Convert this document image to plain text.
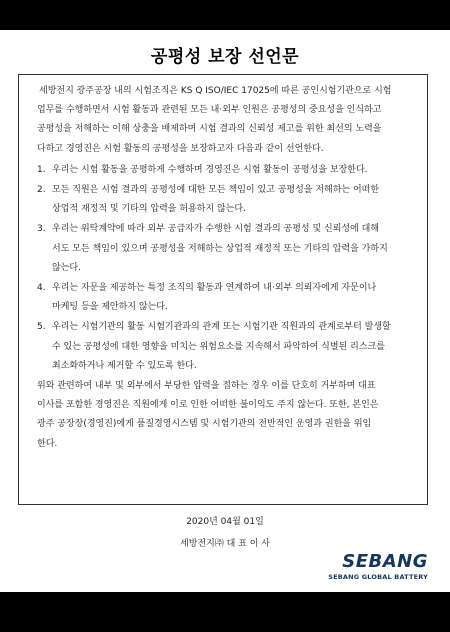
공평성 보장 선언문

세방전지 광주공장 내의 시험조직은 KS Q ISO/IEC 17025에 따른 공인시험기관으로 시험
업무를 수행하면서 시험 활동과 관련된 모든 내·외부 인원은 공평성의 중요성을 인식하고
공평성을 저해하는 이해 상충을 배제하며 시험 결과의 신뢰성 제고를 위한 최선의 노력을
다하고 경영진은 시험 활동의 공평성을 보장하고자 다음과 같이 선언한다.

1. 우리는 시험 활동을 공평하게 수행하며 경영진은 시험 활동이 공평성을 보장한다.
2. 모든 직원은 시험 결과의 공평성에 대한 모든 책임이 있고 공평성을 저해하는 어떠한
상업적 재정적 및 기타의 압력을 허용하지 않는다.
3. 우리는 위탁계약에 따라 외부 공급자가 수행한 시험 결과의 공평성 및 신뢰성에 대해
서도 모든 책임이 있으며 공평성을 저해하는 상업적 재정적 또는 기타의 압력을 가하지
않는다.
4. 우리는 자문을 제공하는 특정 조직의 활동과 연계하여 내·외부 의뢰자에게 자문이나
마케팅 등을 제안하지 않는다.
5. 우리는 시험기관의 활동 시험기관과의 관계 또는 시험기관 직원과의 관계로부터 발생할
수 있는 공평성에 대한 영향을 미치는 위험요소를 지속해서 파악하여 식별된 리스크를
최소화하거나 제거할 수 있도록 한다.

위와 관련하여 내부 및 외부에서 부당한 압력을 접하는 경우 이를 단호히 거부하며 대표
이사를 포함한 경영진은 직원에게 이로 인한 어떠한 불이익도 주지 않는다. 또한, 본인은
광주 공장장(경영진)에게 품질경영시스템 및 시험기관의 전반적인 운영과 권한을 위임
한다.

2020년 04월 01일
세방전지㈜ 대 표 이 사
SEBANG
SEBANG GLOBAL BATTERY
